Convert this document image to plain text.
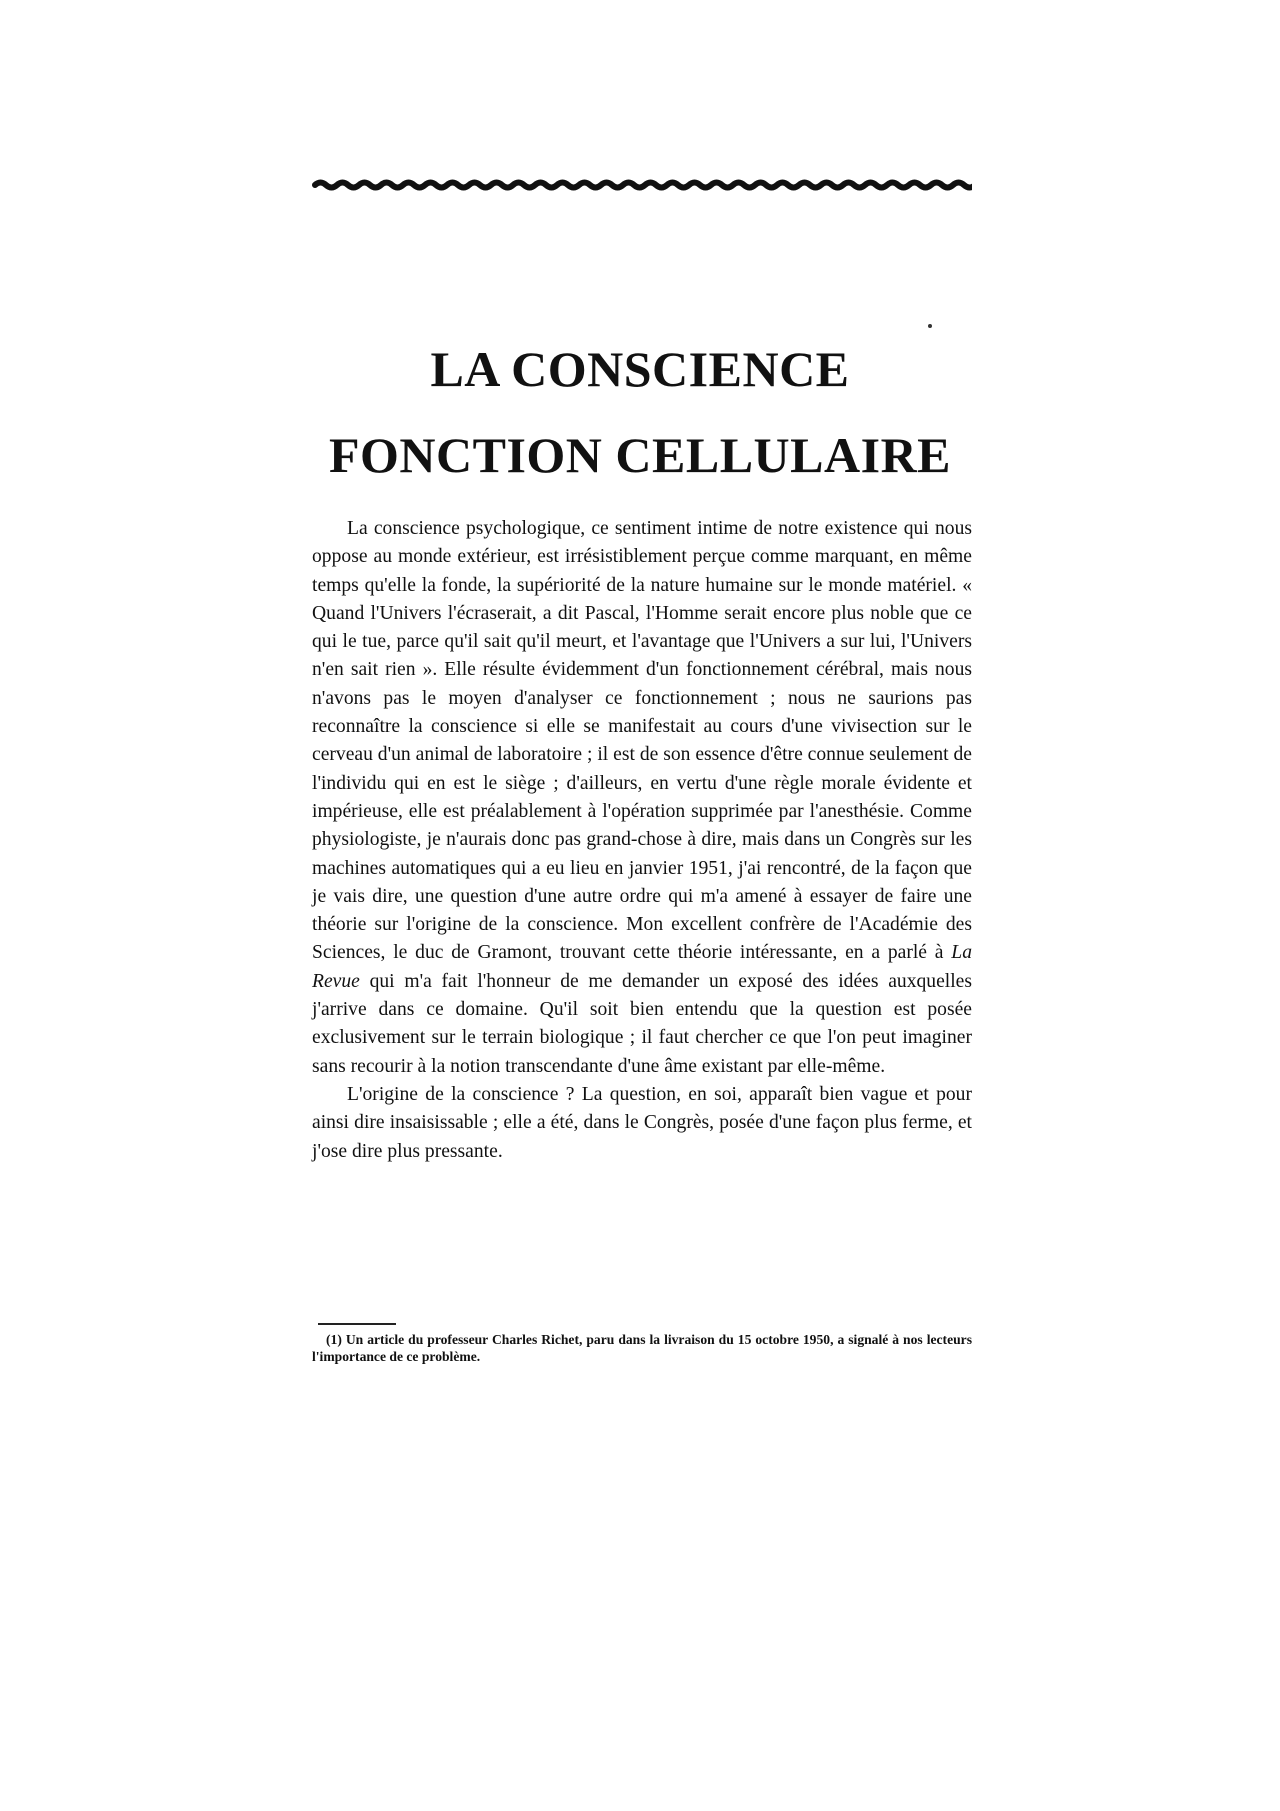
LA CONSCIENCE
FONCTION CELLULAIRE

La conscience psychologique, ce sentiment intime de notre existence qui nous oppose au monde extérieur, est irrésistiblement perçue comme marquant, en même temps qu'elle la fonde, la supériorité de la nature humaine sur le monde matériel. « Quand l'Univers l'écraserait, a dit Pascal, l'Homme serait encore plus noble que ce qui le tue, parce qu'il sait qu'il meurt, et l'avantage que l'Univers a sur lui, l'Univers n'en sait rien ». Elle résulte évidemment d'un fonctionnement cérébral, mais nous n'avons pas le moyen d'analyser ce fonctionnement ; nous ne saurions pas reconnaître la conscience si elle se manifestait au cours d'une vivisection sur le cerveau d'un animal de laboratoire ; il est de son essence d'être connue seulement de l'individu qui en est le siège ; d'ailleurs, en vertu d'une règle morale évidente et impérieuse, elle est préalablement à l'opération supprimée par l'anesthésie. Comme physiologiste, je n'aurais donc pas grand-chose à dire, mais dans un Congrès sur les machines automatiques qui a eu lieu en janvier 1951, j'ai rencontré, de la façon que je vais dire, une question d'une autre ordre qui m'a amené à essayer de faire une théorie sur l'origine de la conscience. Mon excellent confrère de l'Académie des Sciences, le duc de Gramont, trouvant cette théorie intéressante, en a parlé à La Revue qui m'a fait l'honneur de me demander un exposé des idées auxquelles j'arrive dans ce domaine. Qu'il soit bien entendu que la question est posée exclusivement sur le terrain biologique ; il faut chercher ce que l'on peut imaginer sans recourir à la notion transcendante d'une âme existant par elle-même.

L'origine de la conscience ? La question, en soi, apparaît bien vague et pour ainsi dire insaisissable ; elle a été, dans le Congrès, posée d'une façon plus ferme, et j'ose dire plus pressante.

(1) Un article du professeur Charles Richet, paru dans la livraison du 15 octobre 1950, a signalé à nos lecteurs l'importance de ce problème.
